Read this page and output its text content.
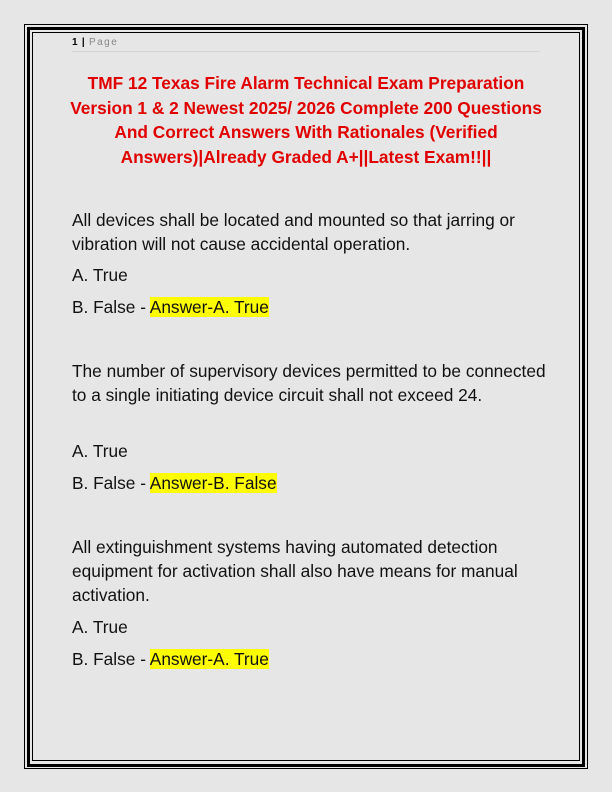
1 | Page
TMF 12 Texas Fire Alarm Technical Exam Preparation Version 1 & 2 Newest 2025/ 2026 Complete 200 Questions And Correct Answers With Rationales (Verified Answers)|Already Graded A+||Latest Exam!!||
All devices shall be located and mounted so that jarring or vibration will not cause accidental operation.
A. True
B. False - Answer-A. True
The number of supervisory devices permitted to be connected to a single initiating device circuit shall not exceed 24.
A. True
B. False - Answer-B. False
All extinguishment systems having automated detection equipment for activation shall also have means for manual activation.
A. True
B. False - Answer-A. True
